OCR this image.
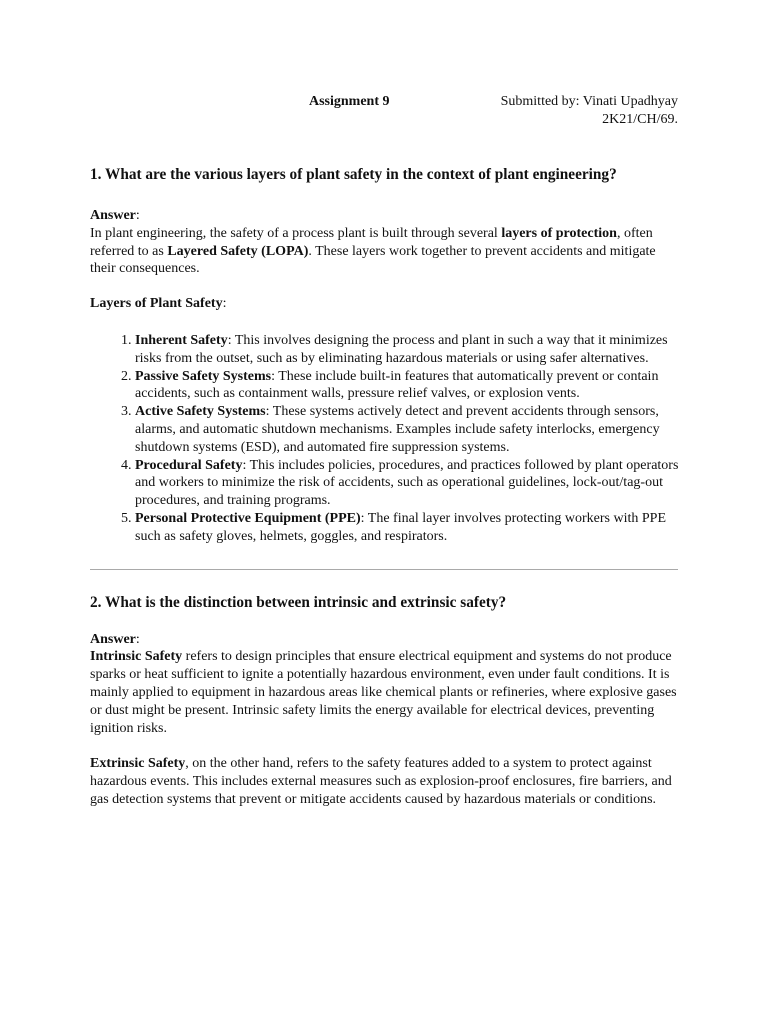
Assignment 9	Submitted by: Vinati Upadhyay
2K21/CH/69.
1. What are the various layers of plant safety in the context of plant engineering?

Answer:

In plant engineering, the safety of a process plant is built through several layers of protection, often referred to as Layered Safety (LOPA). These layers work together to prevent accidents and mitigate their consequences.

Layers of Plant Safety:

1. Inherent Safety: This involves designing the process and plant in such a way that it minimizes risks from the outset, such as by eliminating hazardous materials or using safer alternatives.
2. Passive Safety Systems: These include built-in features that automatically prevent or contain accidents, such as containment walls, pressure relief valves, or explosion vents.
3. Active Safety Systems: These systems actively detect and prevent accidents through sensors, alarms, and automatic shutdown mechanisms. Examples include safety interlocks, emergency shutdown systems (ESD), and automated fire suppression systems.
4. Procedural Safety: This includes policies, procedures, and practices followed by plant operators and workers to minimize the risk of accidents, such as operational guidelines, lock-out/tag-out procedures, and training programs.
5. Personal Protective Equipment (PPE): The final layer involves protecting workers with PPE such as safety gloves, helmets, goggles, and respirators.
2. What is the distinction between intrinsic and extrinsic safety?

Answer:

Intrinsic Safety refers to design principles that ensure electrical equipment and systems do not produce sparks or heat sufficient to ignite a potentially hazardous environment, even under fault conditions. It is mainly applied to equipment in hazardous areas like chemical plants or refineries, where explosive gases or dust might be present. Intrinsic safety limits the energy available for electrical devices, preventing ignition risks.

Extrinsic Safety, on the other hand, refers to the safety features added to a system to protect against hazardous events. This includes external measures such as explosion-proof enclosures, fire barriers, and gas detection systems that prevent or mitigate accidents caused by hazardous materials or conditions.
